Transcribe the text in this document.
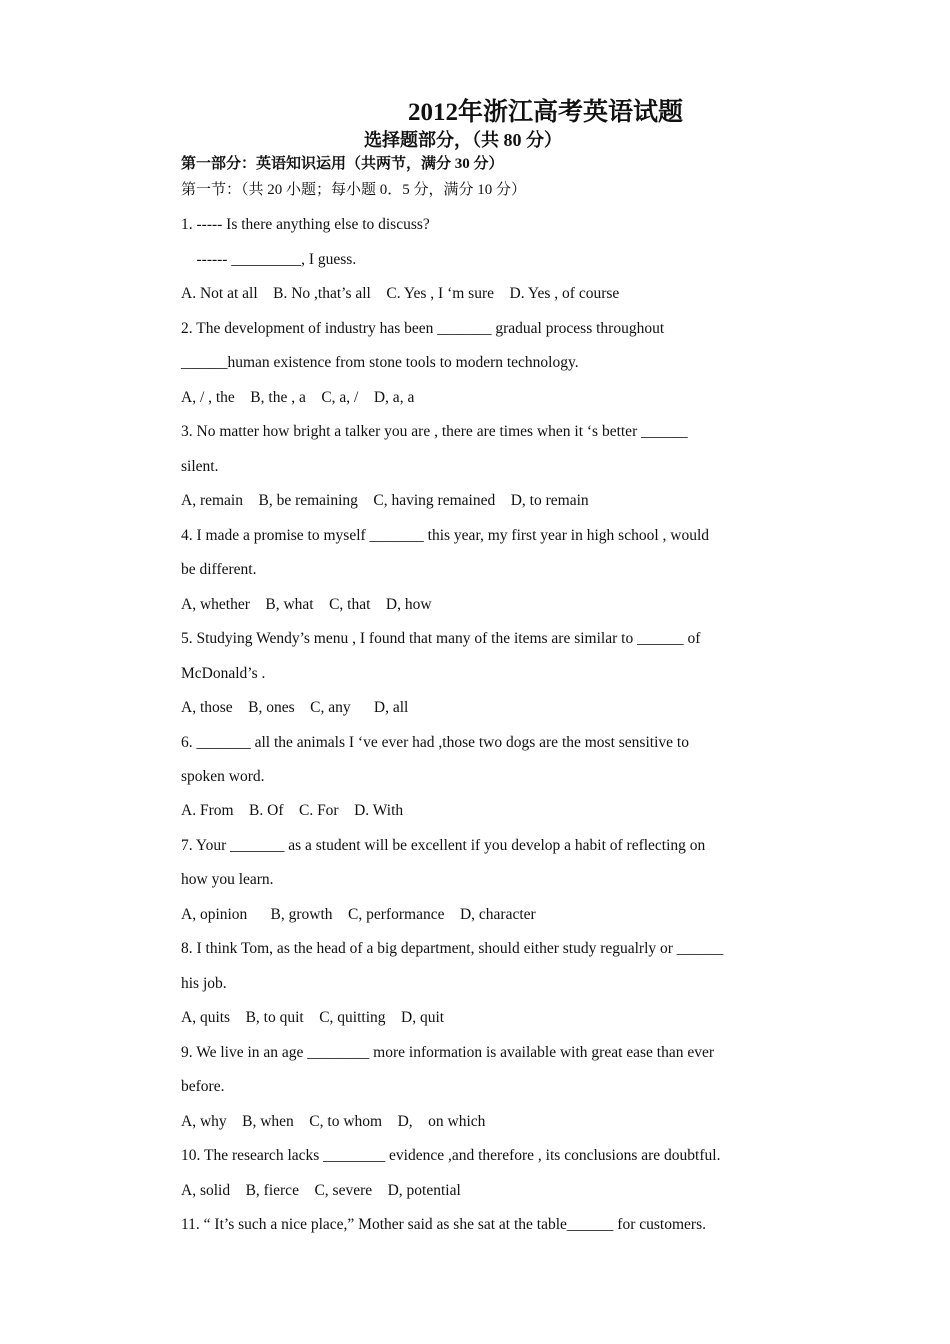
2012年浙江高考英语试题
选择题部分，（共 80 分）
第一部分：英语知识运用（共两节，满分 30 分）
第一节：（共 20 小题；每小题 0．5 分，满分 10 分）
1. ----- Is there anything else to discuss?
------ _________, I guess.
A. Not at all    B. No ,that’s all    C. Yes , I ‘m sure    D. Yes , of course
2. The development of industry has been _______ gradual process throughout
______human existence from stone tools to modern technology.
A, / , the    B, the , a    C, a, /    D, a, a
3. No matter how bright a talker you are , there are times when it ‘s better ______
silent.
A, remain    B, be remaining    C, having remained    D, to remain
4. I made a promise to myself _______ this year, my first year in high school , would
be different.
A, whether    B, what    C, that    D, how
5. Studying Wendy’s menu , I found that many of the items are similar to ______ of
McDonald’s .
A, those    B, ones    C, any      D, all
6. _______ all the animals I ‘ve ever had ,those two dogs are the most sensitive to
spoken word.
A. From    B. Of    C. For    D. With
7. Your _______ as a student will be excellent if you develop a habit of reflecting on
how you learn.
A, opinion      B, growth    C, performance    D, character
8. I think Tom, as the head of a big department, should either study regualrly or ______
his job.
A, quits    B, to quit    C, quitting    D, quit
9. We live in an age ________ more information is available with great ease than ever
before.
A, why    B, when    C, to whom    D,    on which
10. The research lacks ________ evidence ,and therefore , its conclusions are doubtful.
A, solid    B, fierce    C, severe    D, potential
11. “ It’s such a nice place,” Mother said as she sat at the table______ for customers.
